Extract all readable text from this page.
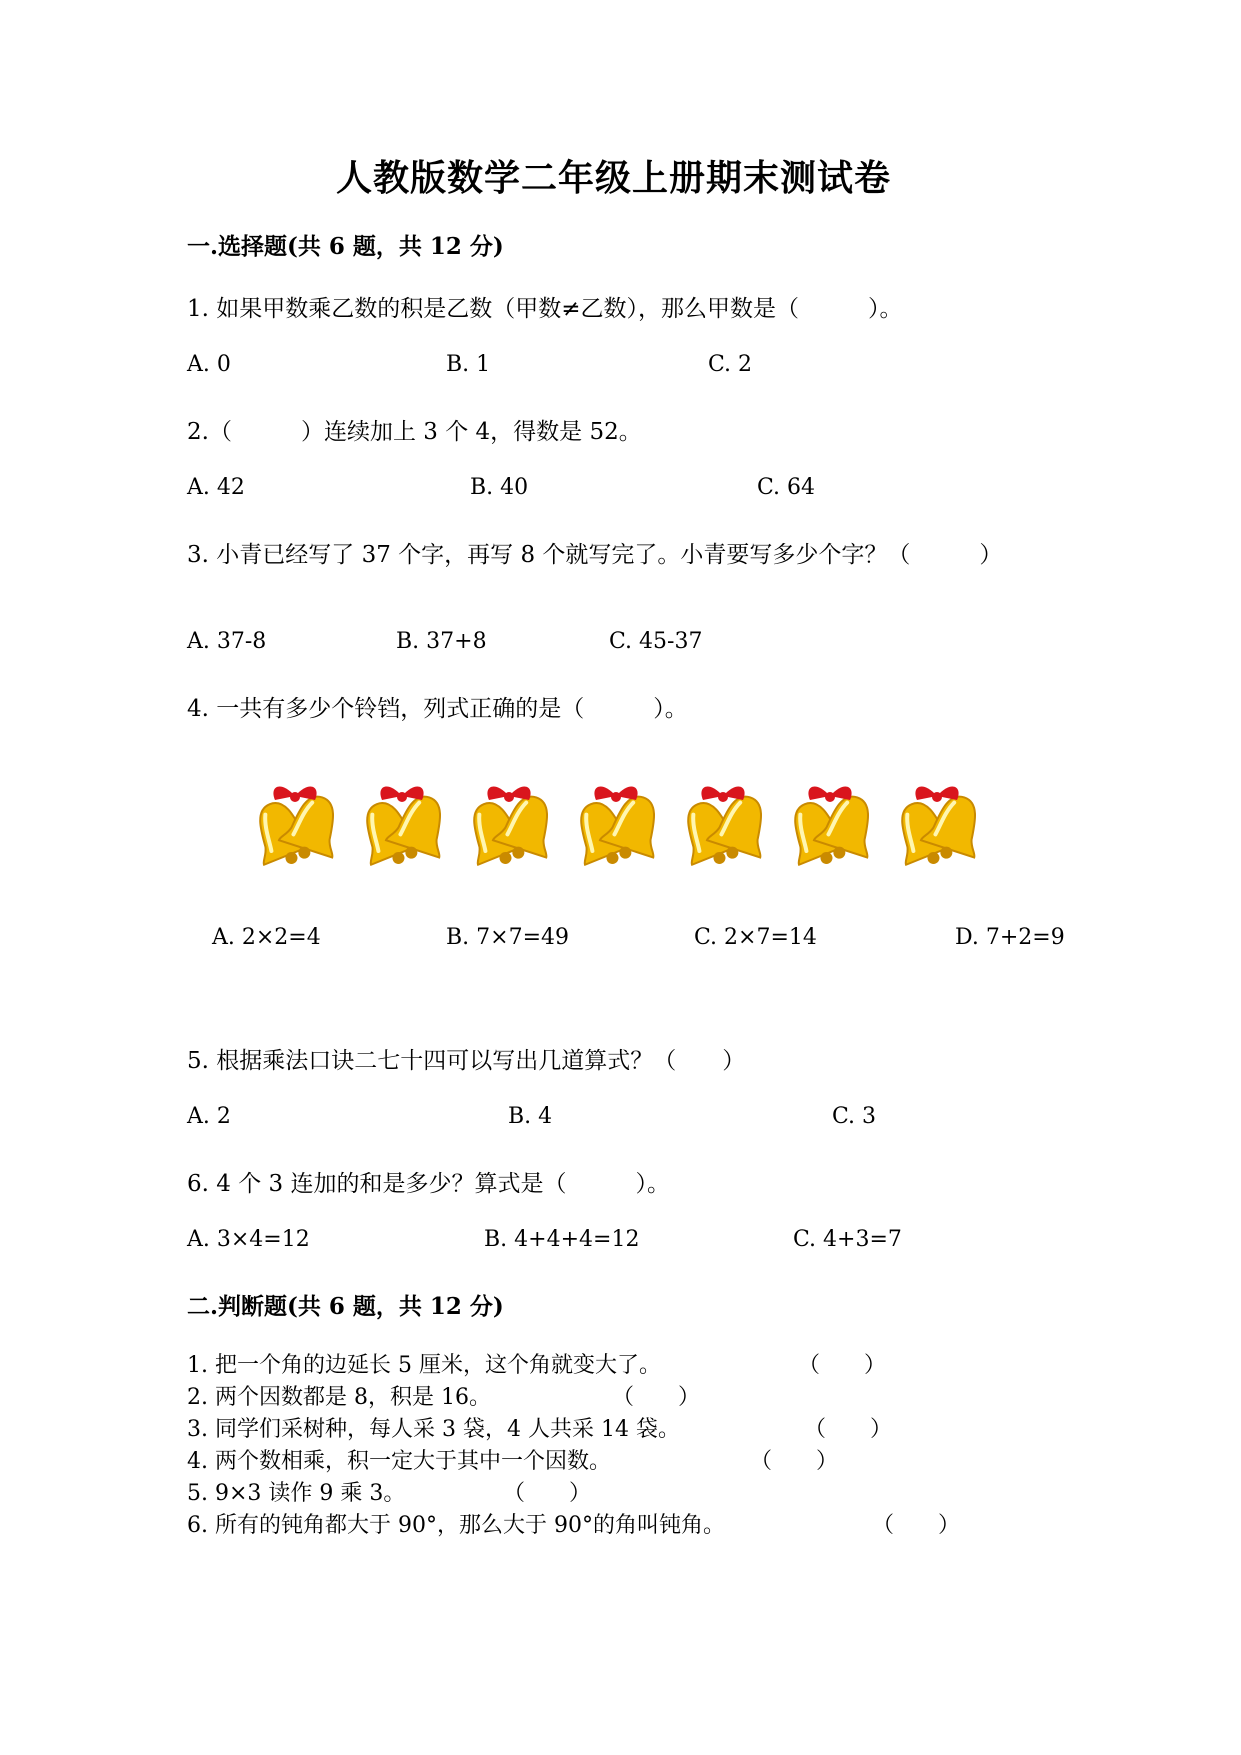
人教版数学二年级上册期末测试卷
一.选择题(共 6 题，共 12 分)
1. 如果甲数乘乙数的积是乙数（甲数≠乙数），那么甲数是（　　　）。
A. 0	B. 1	C. 2
2.（　　　）连续加上 3 个 4，得数是 52。
A. 42	B. 40	C. 64
3. 小青已经写了 37 个字，再写 8 个就写完了。小青要写多少个字？（　　　）
A. 37-8	B. 37+8	C. 45-37
4. 一共有多少个铃铛，列式正确的是（　　　）。
A. 2×2=4	B. 7×7=49	C. 2×7=14	D. 7+2=9
5. 根据乘法口诀二七十四可以写出几道算式？（　　）
A. 2	B. 4	C. 3
6. 4 个 3 连加的和是多少？算式是（　　　）。
A. 3×4=12	B. 4+4+4=12	C. 4+3=7
二.判断题(共 6 题，共 12 分)
1. 把一个角的边延长 5 厘米，这个角就变大了。	（　　）
2. 两个因数都是 8，积是 16。	（　　）
3. 同学们采树种，每人采 3 袋，4 人共采 14 袋。	（　　）
4. 两个数相乘，积一定大于其中一个因数。	（　　）
5. 9×3 读作 9 乘 3。	（　　）
6. 所有的钝角都大于 90°，那么大于 90°的角叫钝角。	（　　）
